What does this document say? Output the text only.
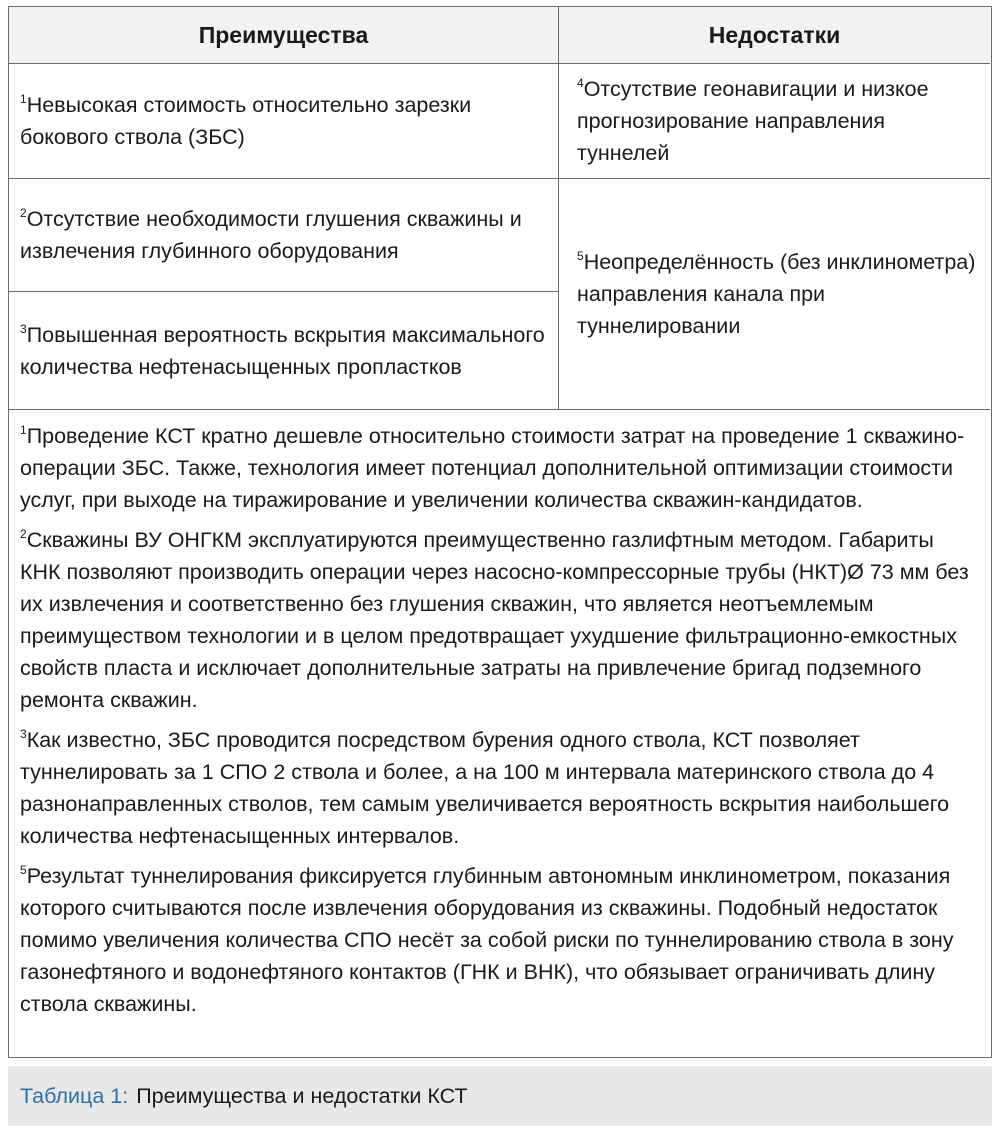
Преимущества	Недостатки
$^1$Невысокая стоимость относительно зарезки бокового ствола (ЗБС)
$^2$Отсутствие необходимости глушения скважины и извлечения глубинного оборудования
$^3$Повышенная вероятность вскрытия максимального количества нефтенасыщенных пропластков
$^4$Отсутствие геонавигации и низкое прогнозирование направления туннелей
$^5$Неопределённость (без инклинометра) направления канала при туннелировании

$^1$Проведение КСТ кратно дешевле относительно стоимости затрат на проведение 1 скважино-операции ЗБС. Также, технология имеет потенциал дополнительной оптимизации стоимости услуг, при выходе на тиражирование и увеличении количества скважин-кандидатов.

$^2$Скважины ВУ ОНГКМ эксплуатируются преимущественно газлифтным методом. Габариты КНК позволяют производить операции через насосно-компрессорные трубы (НКТ)Ø 73 мм без их извлечения и соответственно без глушения скважин, что является неотъемлемым преимуществом технологии и в целом предотвращает ухудшение фильтрационно-емкостных свойств пласта и исключает дополнительные затраты на привлечение бригад подземного ремонта скважин.

$^3$Как известно, ЗБС проводится посредством бурения одного ствола, КСТ позволяет туннелировать за 1 СПО 2 ствола и более, а на 100 м интервала материнского ствола до 4 разнонаправленных стволов, тем самым увеличивается вероятность вскрытия наибольшего количества нефтенасыщенных интервалов.

$^5$Результат туннелирования фиксируется глубинным автономным инклинометром, показания которого считываются после извлечения оборудования из скважины. Подобный недостаток помимо увеличения количества СПО несёт за собой риски по туннелированию ствола в зону газонефтяного и водонефтяного контактов (ГНК и ВНК), что обязывает ограничивать длину ствола скважины.

Таблица 1: Преимущества и недостатки КСТ
